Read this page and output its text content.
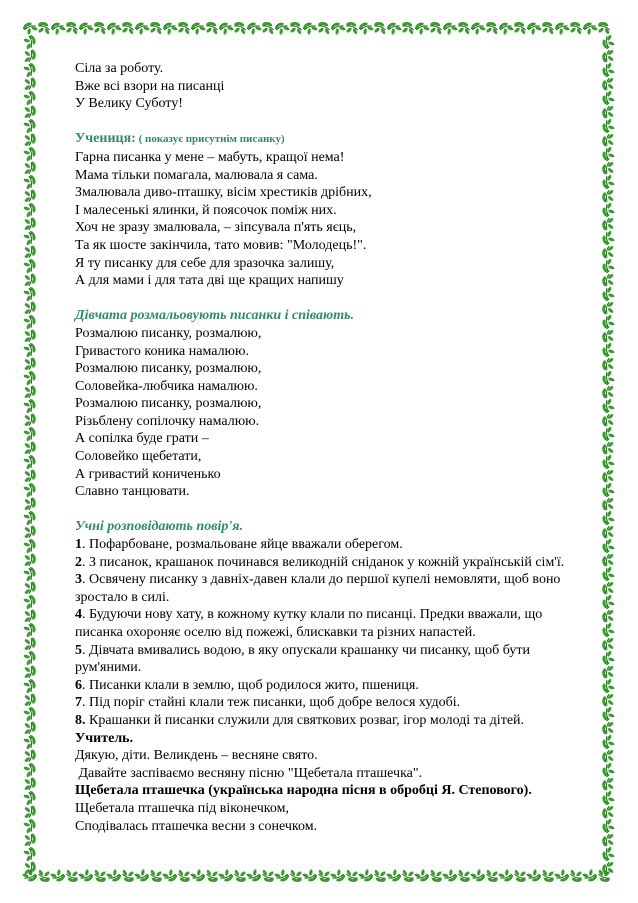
Сіла за роботу.
Вже всі взори на писанці
У Велику Суботу!
Учениця: ( показує присутнім писанку)
Гарна писанка у мене – мабуть, кращої нема!
Мама тільки помагала, малювала я сама.
Змалювала диво-пташку, вісім хрестиків дрібних,
І малесенькі ялинки, й поясочок поміж них.
Хоч не зразу змалювала, – зіпсувала п'ять яєць,
Та як шосте закінчила, тато мовив: "Молодець!".
Я ту писанку для себе для зразочка залишу,
А для мами і для тата дві ще кращих напишу
Дівчата розмальовують писанки і співають.
Розмалюю писанку, розмалюю,
Гривастого коника намалюю.
Розмалюю писанку, розмалюю,
Соловейка-любчика намалюю.
Розмалюю писанку, розмалюю,
Різьблену сопілочку намалюю.
А сопілка буде грати –
Соловейко щебетати,
А гривастий кониченько
Славно танцювати.
Учні розповідають повір'я.
1. Пофарбоване, розмальоване яйце вважали оберегом.
2. З писанок, крашанок починався великодній сніданок у кожній українській сім'ї.
3. Освячену писанку з давніх-давен клали до першої купелі немовляти, щоб воно зростало в силі.
4. Будуючи нову хату, в кожному кутку клали по писанці. Предки вважали, що писанка охороняє оселю від пожежі, блискавки та різних напастей.
5. Дівчата вмивались водою, в яку опускали крашанку чи писанку, щоб бути рум'яними.
6. Писанки клали в землю, щоб родилося жито, пшениця.
7. Під поріг стайні клали теж писанки, щоб добре велося худобі.
8. Крашанки й писанки служили для святкових розваг, ігор молоді та дітей.
Учитель.
Дякую, діти. Великдень – весняне свято.
Давайте заспіваємо весняну пісню "Щебетала пташечка".
Щебетала пташечка (українська народна пісня в обробці Я. Степового).
Щебетала пташечка під віконечком,
Сподівалась пташечка весни з сонечком.
